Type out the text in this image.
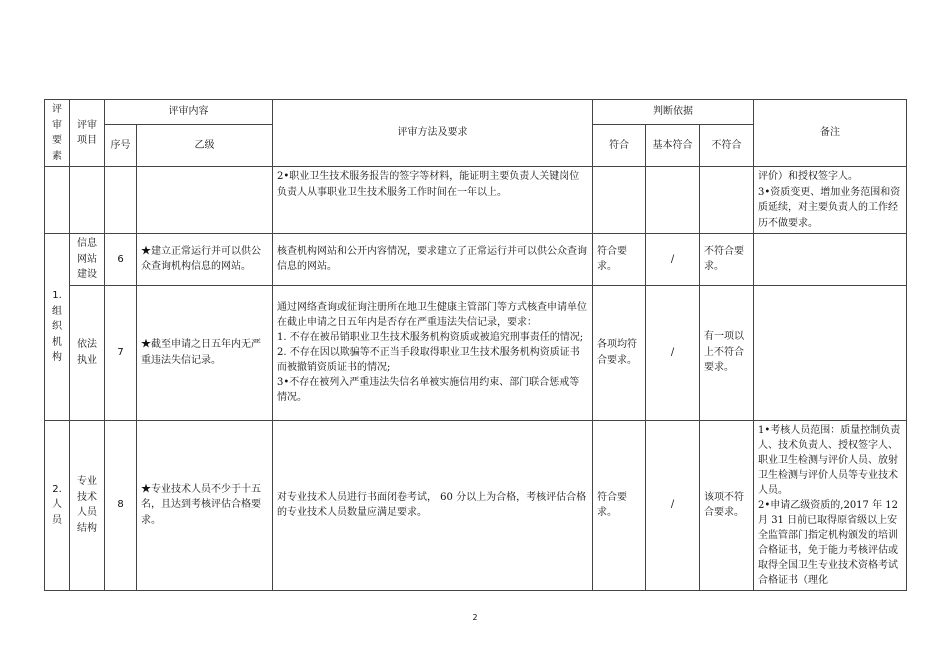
评
审
要
素	评审
项目	评审内容		评审方法及要求	判断依据			备注
		序号	乙级		符合	基本符合	不符合	
				2•职业卫生技术服务报告的签字等材料，能证明主要负责人关键岗位负责人从事职业卫生技术服务工作时间在一年以上。				评价）和授权签字人。
3•资质变更、增加业务范围和资质延续，对主要负责人的工作经历不做要求。

1.
组
织
机
构	信息
网站
建设	6	★建立正常运行并可以供公众查询机构信息的网站。	核查机构网站和公开内容情况，要求建立了正常运行并可以供公众查询信息的网站。	符合要求。	/	不符合要求。	
	依法
执业	7	★截至申请之日五年内无严重违法失信记录。	通过网络查询或征询注册所在地卫生健康主管部门等方式核查申请单位在截止申请之日五年内是否存在严重违法失信记录，要求：
1. 不存在被吊销职业卫生技术服务机构资质或被追究刑事责任的情况;
2. 不存在因以欺骗等不正当手段取得职业卫生技术服务机构资质证书而被撤销资质证书的情况;
3•不存在被列入严重违法失信名单被实施信用约束、部门联合惩戒等情况。	各项均符合要求。	/	有一项以上不符合要求。	
2.
人
员	专业
技术
人员
结构	8	★专业技术人员不少于十五名，且达到考核评估合格要求。	对专业技术人员进行书面闭卷考试， 60 分以上为合格，考核评估合格的专业技术人员数量应满足要求。	符合要求。	/	该项不符合要求。	1•考核人员范围：质量控制负责人、技术负责人、授权签字人、职业卫生检测与评价人员、放射卫生检测与评价人员等专业技术人员。
2•申请乙级资质的,2017 年 12 月 31 日前已取得原省级以上安全监管部门指定机构颁发的培训合格证书，免于能力考核评估或取得全国卫生专业技术资格考试合格证书（理化
2
